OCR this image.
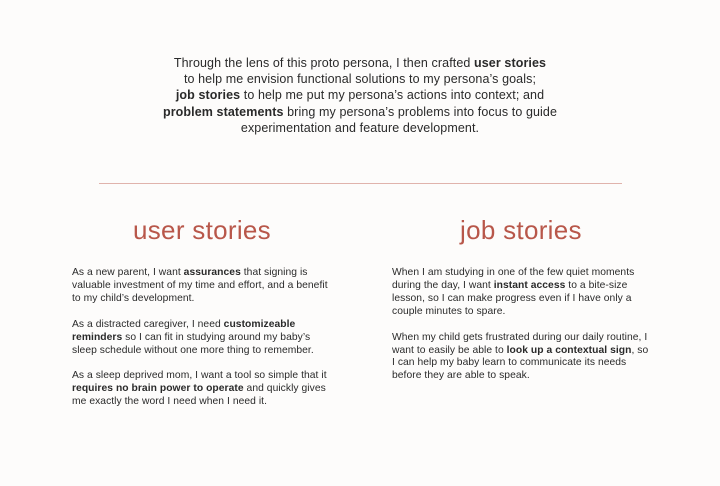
Through the lens of this proto persona, I then crafted user stories
to help me envision functional solutions to my persona’s goals;
job stories to help me put my persona’s actions into context; and
problem statements bring my persona’s problems into focus to guide
experimentation and feature development.
user stories	job stories

As a new parent, I want assurances that signing is valuable investment of my time and effort, and a benefit to my child’s development.

As a distracted caregiver, I need customizeable reminders so I can fit in studying around my baby’s sleep schedule without one more thing to remember.

As a sleep deprived mom, I want a tool so simple that it requires no brain power to operate and quickly gives me exactly the word I need when I need it.

When I am studying in one of the few quiet moments during the day, I want instant access to a bite-size lesson, so I can make progress even if I have only a couple minutes to spare.

When my child gets frustrated during our daily routine, I want to easily be able to look up a contextual sign, so I can help my baby learn to communicate its needs before they are able to speak.
